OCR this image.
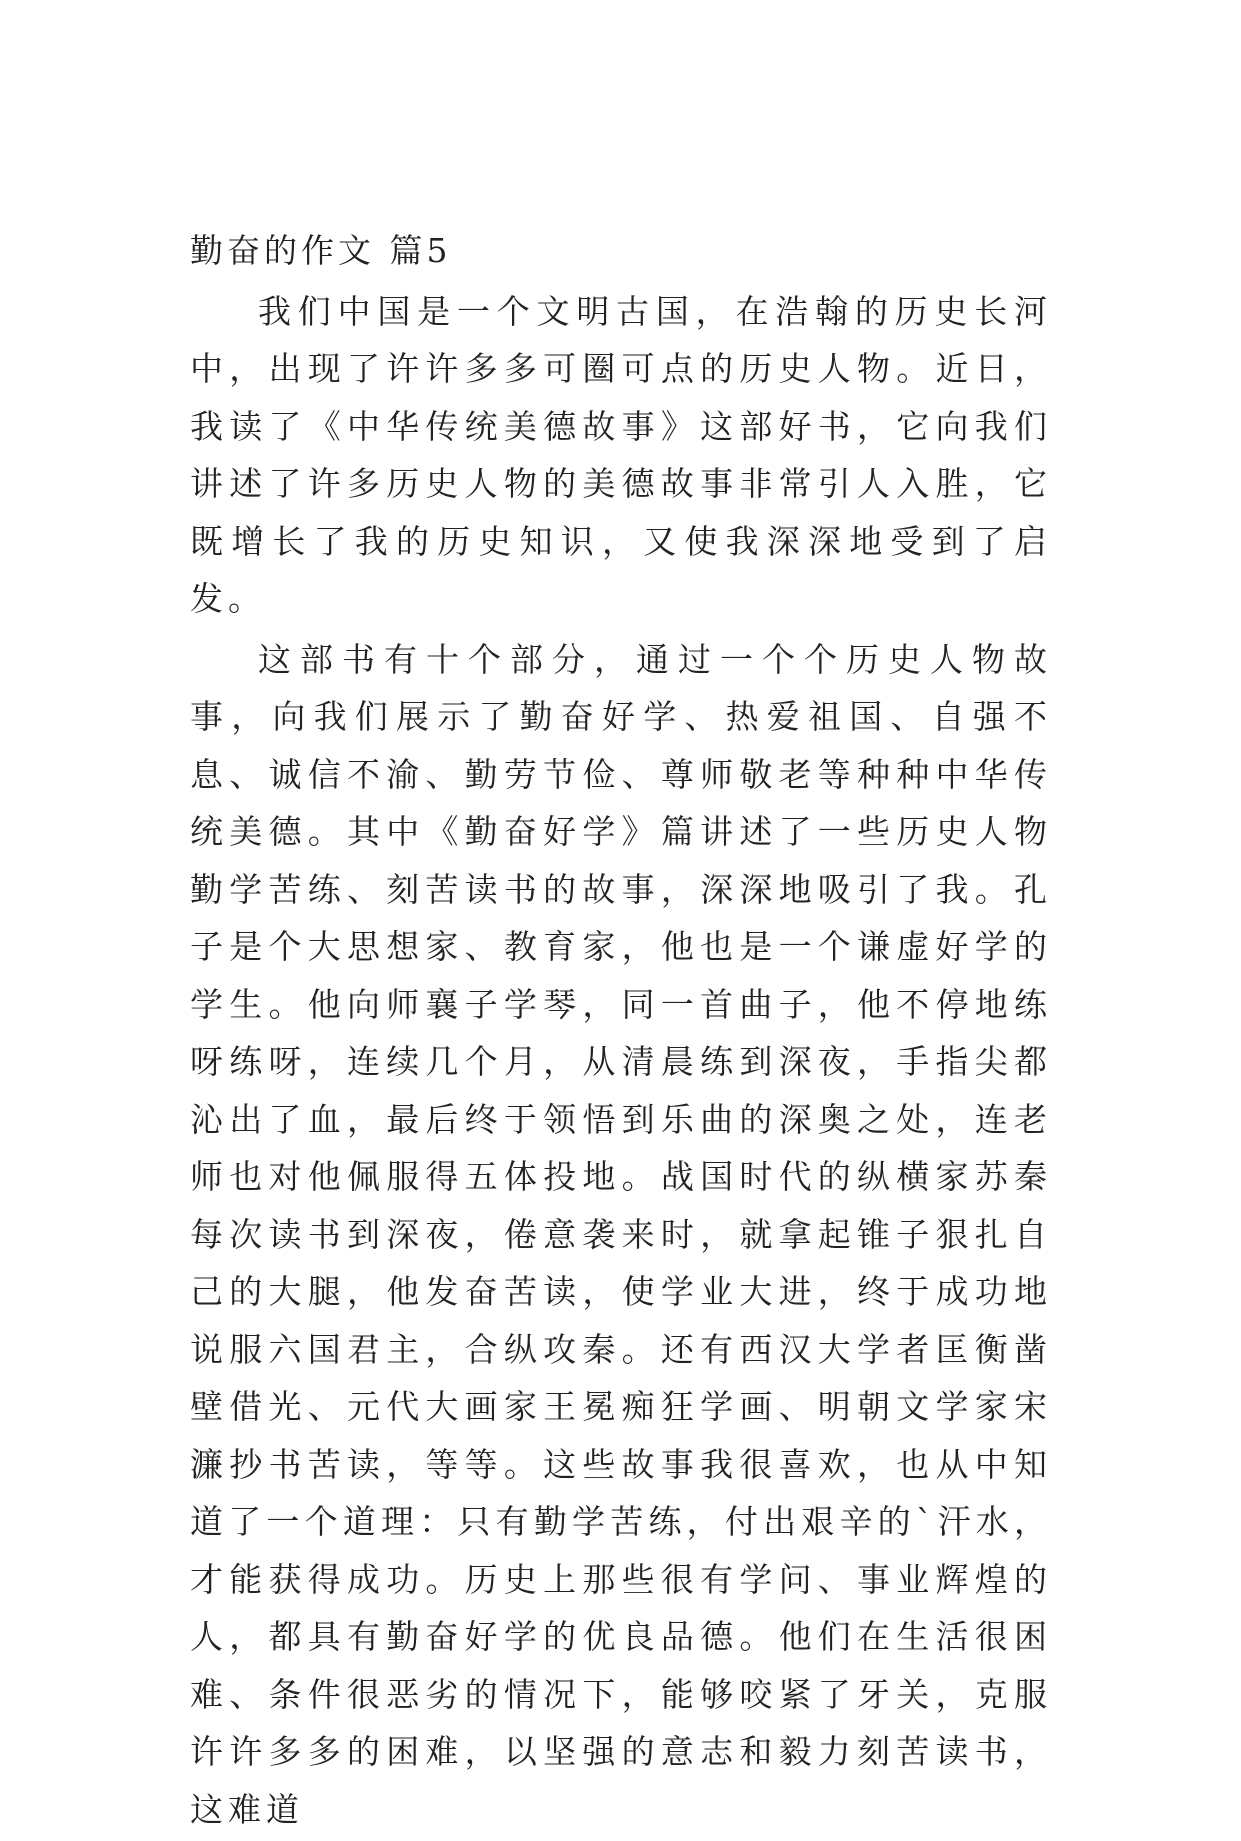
勤奋的作文 篇5

我们中国是一个文明古国，在浩翰的历史长河中，出现了许许多多可圈可点的历史人物。近日，我读了《中华传统美德故事》这部好书，它向我们讲述了许多历史人物的美德故事非常引人入胜，它既增长了我的历史知识，又使我深深地受到了启发。

这部书有十个部分，通过一个个历史人物故事，向我们展示了勤奋好学、热爱祖国、自强不息、诚信不渝、勤劳节俭、尊师敬老等种种中华传统美德。其中《勤奋好学》篇讲述了一些历史人物勤学苦练、刻苦读书的故事，深深地吸引了我。孔子是个大思想家、教育家，他也是一个谦虚好学的学生。他向师襄子学琴，同一首曲子，他不停地练呀练呀，连续几个月，从清晨练到深夜，手指尖都沁出了血，最后终于领悟到乐曲的深奥之处，连老师也对他佩服得五体投地。战国时代的纵横家苏秦每次读书到深夜，倦意袭来时，就拿起锥子狠扎自己的大腿，他发奋苦读，使学业大进，终于成功地说服六国君主，合纵攻秦。还有西汉大学者匡衡凿壁借光、元代大画家王冕痴狂学画、明朝文学家宋濂抄书苦读，等等。这些故事我很喜欢，也从中知道了一个道理：只有勤学苦练，付出艰辛的`汗水，才能获得成功。历史上那些很有学问、事业辉煌的人，都具有勤奋好学的优良品德。他们在生活很困难、条件很恶劣的情况下，能够咬紧了牙关，克服许许多多的困难，以坚强的意志和毅力刻苦读书，这难道
